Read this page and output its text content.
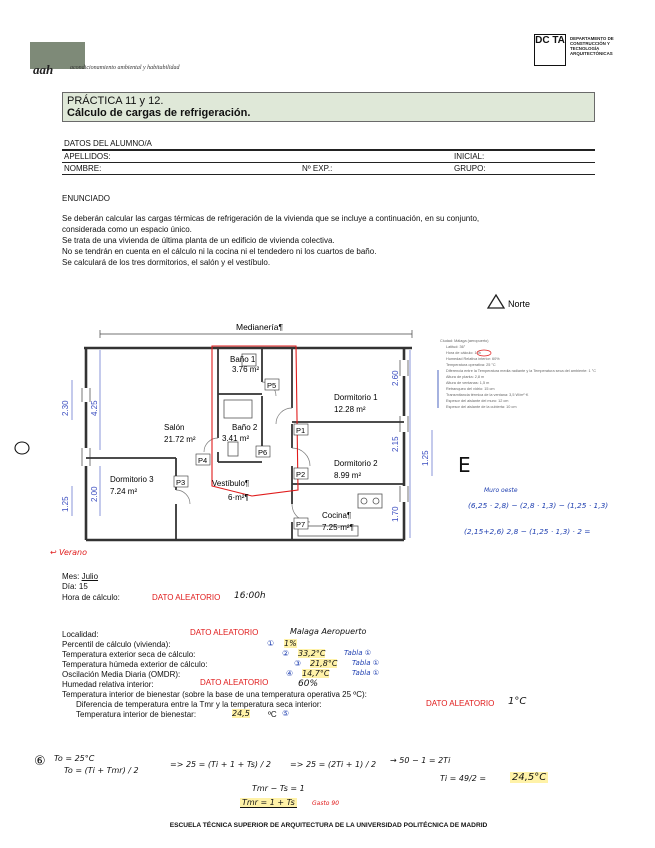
aah	acondicionamiento ambiental y habitabilidad
DC TA DEPARTAMENTO DE CONSTRUCCIÓN Y TECNOLOGÍA ARQUITECTÓNICAS
PRÁCTICA 11 y 12.
Cálculo de cargas de refrigeración.
DATOS DEL ALUMNO/A
APELLIDOS:	INICIAL:
NOMBRE:	Nº EXP.:	GRUPO:
ENUNCIADO
Se deberán calcular las cargas térmicas de refrigeración de la vivienda que se incluye a continuación, en su conjunto,
considerada como un espacio único.
Se trata de una vivienda de última planta de un edificio de vivienda colectiva.
No se tendrán en cuenta en el cálculo ni la cocina ni el tendedero ni los cuartos de baño.
Se calculará de los tres dormitorios, el salón y el vestíbulo.
Norte
Medianería¶
Baño 1
3.76 m²
Dormitorio 1
12.28 m²
Salón
21.72 m²
Baño 2
3.41 m²
Dormitorio 2
8.99 m²
Dormitorio 3
7.24 m²
Vestíbulo¶
6·m²¶
Cocina¶
7.25·m²¶
P5
P1
P4
P6
P2
P3
P7
2.30	4.25
1.25
2.00
2.60
2.15
1.25
1.70
Ciudad: Málaga (aeropuerto)
Latitud: 36°
Hora de cálculo: 16h
Humedad Relativa interior: 60%
Temperatura operativa: 25 °C
Diferencia entre la Temperatura media radiante y la Temperatura seca del ambiente: 1 °C
Altura de planta: 2,8 m
Altura de ventanas: 1,5 m
Retranqueo del vidrio: 15 cm
Transmitancia térmica de la ventana: 3,5 W/m²·K
Espesor del aislante del muro: 12 cm
Espesor del aislante de la cubierta: 10 cm
E
Muro oeste
(6,25 · 2,8) − (2,8 · 1,3) − (1,25 · 1,3)
(2,15+2,6) 2,8 − (1,25 · 1,3) · 2 =
↩ Verano
Mes: Julio
Día: 15
Hora de cálculo:	DATO ALEATORIO 16:00h
Localidad:	DATO ALEATORIO	Malaga Aeropuerto
Percentil de cálculo (vivienda):	① 1%
Temperatura exterior seca de cálculo:	② 33,2°C	Tabla ①
Temperatura húmeda exterior de cálculo:	③ 21,8°C Tabla ①
Oscilación Media Diaria (OMDR):	④ 14,7°C	Tabla ①
Humedad relativa interior:	DATO ALEATORIO	60%
Temperatura interior de bienestar (sobre la base de una temperatura operativa 25 ºC):
Diferencia de temperatura entre la Tmr y la temperatura seca interior:	DATO ALEATORIO 1°C
Temperatura interior de bienestar:	24,5 ºC ⑤
⑥ To = 25°C
To = (Ti + Tmr) / 2
=> 25 = (Ti + 1 + Ts) / 2 => 25 = (2Ti + 1) / 2 → 50 − 1 = 2Ti
Ti = 49/2 =	24,5°C
Tmr − Ts = 1
Tmr = 1 + Ts	Gasto 90
ESCUELA TÉCNICA SUPERIOR DE ARQUITECTURA DE LA UNIVERSIDAD POLITÉCNICA DE MADRID
